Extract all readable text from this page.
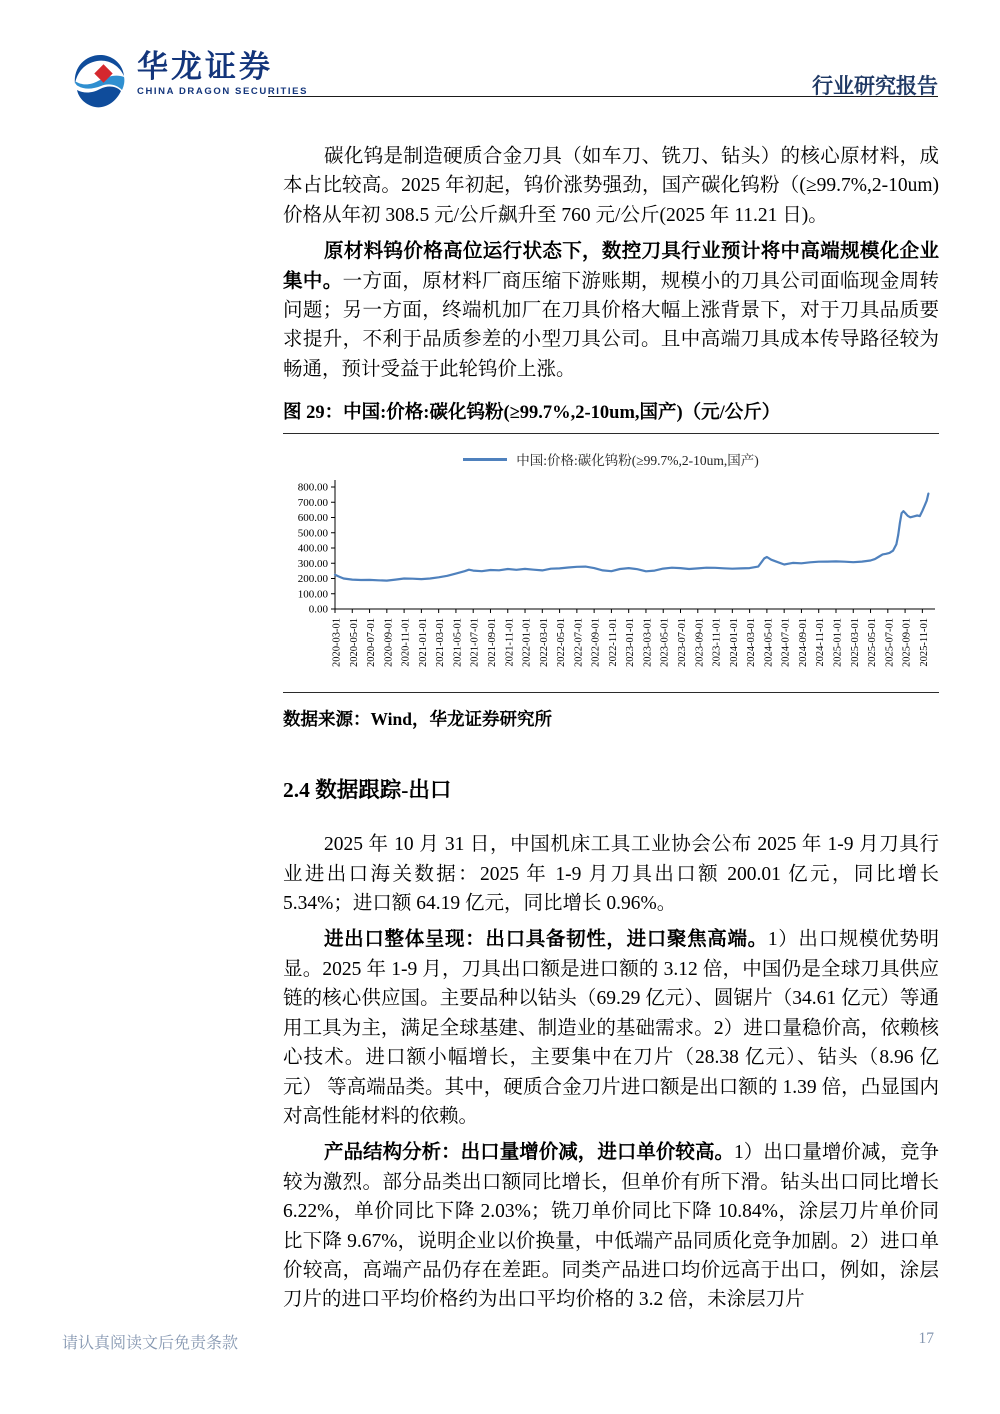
华龙证券
CHINA DRAGON SECURITIES	行业研究报告

碳化钨是制造硬质合金刀具（如车刀、铣刀、钻头）的核心原材料，成本占比较高。2025 年初起，钨价涨势强劲，国产碳化钨粉（(≥99.7%,2-10um)价格从年初 308.5 元/公斤飙升至 760 元/公斤(2025 年 11.21 日)。

原材料钨价格高位运行状态下，数控刀具行业预计将中高端规模化企业集中。一方面，原材料厂商压缩下游账期，规模小的刀具公司面临现金周转问题；另一方面，终端机加厂在刀具价格大幅上涨背景下，对于刀具品质要求提升，不利于品质参差的小型刀具公司。且中高端刀具成本传导路径较为畅通，预计受益于此轮钨价上涨。

图 29：中国:价格:碳化钨粉(≥99.7%,2-10um,国产)（元/公斤）

中国:价格:碳化钨粉(≥99.7%,2-10um,国产)
0.00
100.00
200.00
300.00
400.00
500.00
600.00
700.00
800.00
2020-03-01 2020-05-01 2020-07-01 2020-09-01 2020-11-01 2021-01-01 2021-03-01 2021-05-01 2021-07-01 2021-09-01 2021-11-01 2022-01-01 2022-03-01 2022-05-01 2022-07-01 2022-09-01 2022-11-01 2023-01-01 2023-03-01 2023-05-01 2023-07-01 2023-09-01 2023-11-01 2024-01-01 2024-03-01 2024-05-01 2024-07-01 2024-09-01 2024-11-01 2025-01-01 2025-03-01 2025-05-01 2025-07-01 2025-09-01 2025-11-01

数据来源：Wind，华龙证券研究所

2.4 数据跟踪-出口

2025 年 10 月 31 日，中国机床工具工业协会公布 2025 年 1-9 月刀具行业进出口海关数据：2025 年 1-9 月刀具出口额 200.01 亿元，同比增长 5.34%；进口额 64.19 亿元，同比增长 0.96%。

进出口整体呈现：出口具备韧性，进口聚焦高端。1）出口规模优势明显。2025 年 1-9 月，刀具出口额是进口额的 3.12 倍，中国仍是全球刀具供应链的核心供应国。主要品种以钻头（69.29 亿元）、圆锯片（34.61 亿元）等通用工具为主，满足全球基建、制造业的基础需求。2）进口量稳价高，依赖核心技术。进口额小幅增长，主要集中在刀片（28.38 亿元）、钻头（8.96 亿元） 等高端品类。其中，硬质合金刀片进口额是出口额的 1.39 倍，凸显国内对高性能材料的依赖。

产品结构分析：出口量增价减，进口单价较高。1）出口量增价减，竞争较为激烈。部分品类出口额同比增长，但单价有所下滑。钻头出口同比增长 6.22%，单价同比下降 2.03%；铣刀单价同比下降 10.84%，涂层刀片单价同比下降 9.67%，说明企业以价换量，中低端产品同质化竞争加剧。2）进口单价较高，高端产品仍存在差距。同类产品进口均价远高于出口，例如，涂层刀片的进口平均价格约为出口平均价格的 3.2 倍，未涂层刀片

请认真阅读文后免责条款	17
